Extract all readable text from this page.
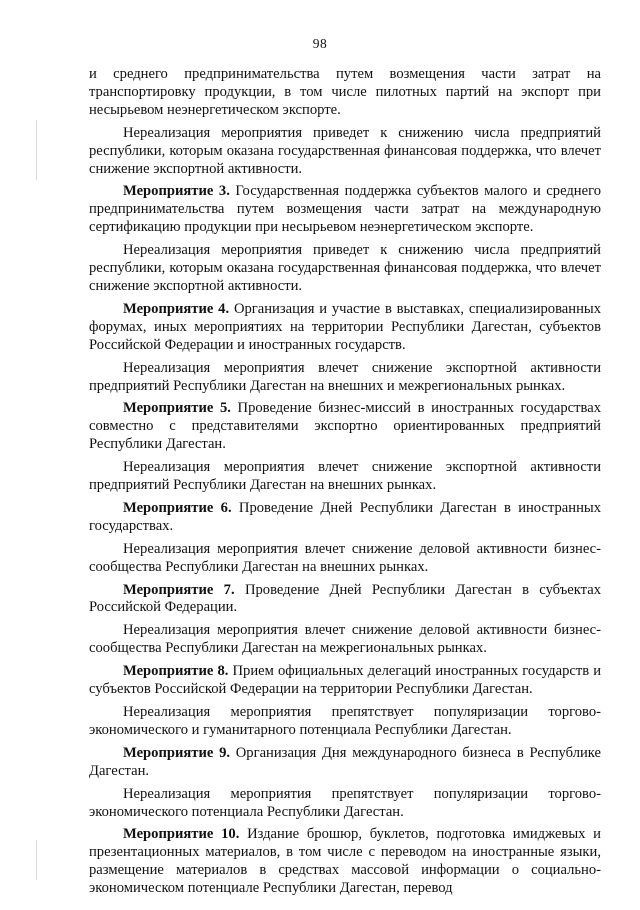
98

и среднего предпринимательства путем возмещения части затрат на транспортировку продукции, в том числе пилотных партий на экспорт при несырьевом неэнергетическом экспорте.

Нереализация мероприятия приведет к снижению числа предприятий республики, которым оказана государственная финансовая поддержка, что влечет снижение экспортной активности.

Мероприятие 3. Государственная поддержка субъектов малого и среднего предпринимательства путем возмещения части затрат на международную сертификацию продукции при несырьевом неэнергетическом экспорте.

Нереализация мероприятия приведет к снижению числа предприятий республики, которым оказана государственная финансовая поддержка, что влечет снижение экспортной активности.

Мероприятие 4. Организация и участие в выставках, специализированных форумах, иных мероприятиях на территории Республики Дагестан, субъектов Российской Федерации и иностранных государств.

Нереализация мероприятия влечет снижение экспортной активности предприятий Республики Дагестан на внешних и межрегиональных рынках.

Мероприятие 5. Проведение бизнес-миссий в иностранных государствах совместно с представителями экспортно ориентированных предприятий Республики Дагестан.

Нереализация мероприятия влечет снижение экспортной активности предприятий Республики Дагестан на внешних рынках.

Мероприятие 6. Проведение Дней Республики Дагестан в иностранных государствах.

Нереализация мероприятия влечет снижение деловой активности бизнес-сообщества Республики Дагестан на внешних рынках.

Мероприятие 7. Проведение Дней Республики Дагестан в субъектах Российской Федерации.

Нереализация мероприятия влечет снижение деловой активности бизнес-сообщества Республики Дагестан на межрегиональных рынках.

Мероприятие 8. Прием официальных делегаций иностранных государств и субъектов Российской Федерации на территории Республики Дагестан.

Нереализация мероприятия препятствует популяризации торгово-экономического и гуманитарного потенциала Республики Дагестан.

Мероприятие 9. Организация Дня международного бизнеса в Республике Дагестан.

Нереализация мероприятия препятствует популяризации торгово-экономического потенциала Республики Дагестан.

Мероприятие 10. Издание брошюр, буклетов, подготовка имиджевых и презентационных материалов, в том числе с переводом на иностранные языки, размещение материалов в средствах массовой информации о социально-экономическом потенциале Республики Дагестан, перевод
